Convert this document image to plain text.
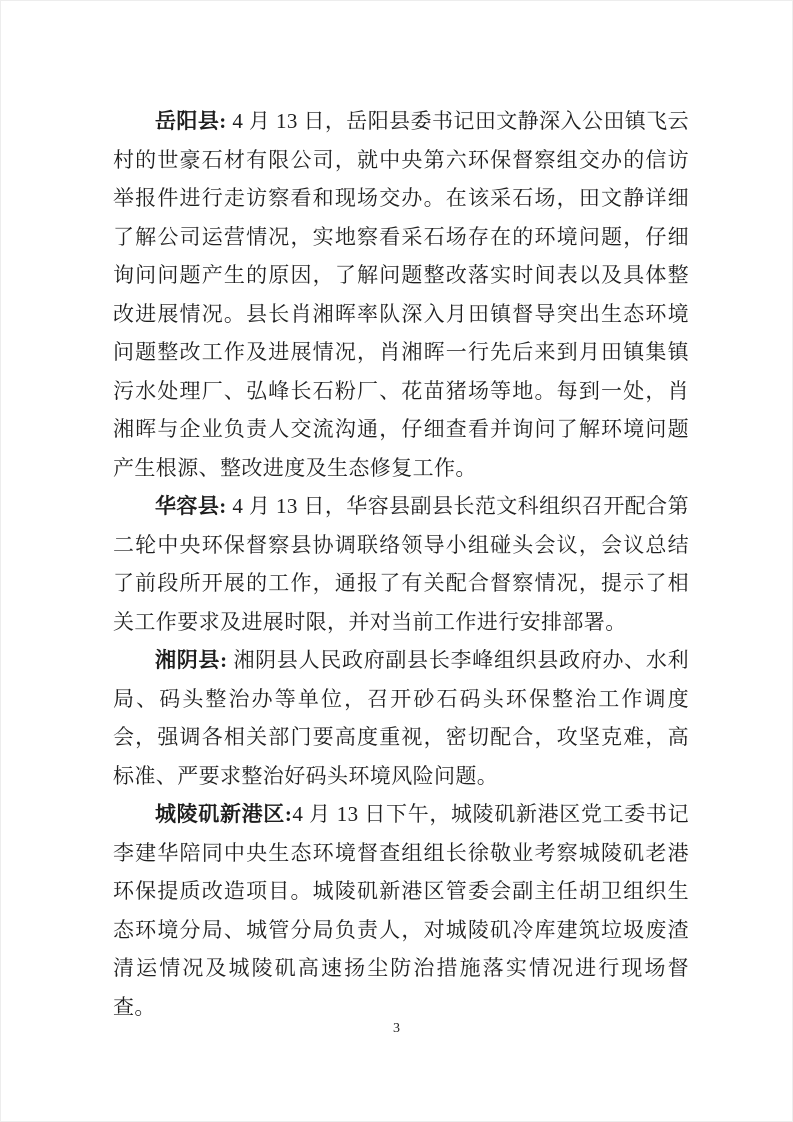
岳阳县: 4 月 13 日，岳阳县委书记田文静深入公田镇飞云村的世豪石材有限公司，就中央第六环保督察组交办的信访举报件进行走访察看和现场交办。在该采石场，田文静详细了解公司运营情况，实地察看采石场存在的环境问题，仔细询问问题产生的原因，了解问题整改落实时间表以及具体整改进展情况。县长肖湘晖率队深入月田镇督导突出生态环境问题整改工作及进展情况，肖湘晖一行先后来到月田镇集镇污水处理厂、弘峰长石粉厂、花苗猪场等地。每到一处，肖湘晖与企业负责人交流沟通，仔细查看并询问了解环境问题产生根源、整改进度及生态修复工作。

华容县: 4 月 13 日，华容县副县长范文科组织召开配合第二轮中央环保督察县协调联络领导小组碰头会议，会议总结了前段所开展的工作，通报了有关配合督察情况，提示了相关工作要求及进展时限，并对当前工作进行安排部署。

湘阴县: 湘阴县人民政府副县长李峰组织县政府办、水利局、码头整治办等单位，召开砂石码头环保整治工作调度会，强调各相关部门要高度重视，密切配合，攻坚克难，高标准、严要求整治好码头环境风险问题。

城陵矶新港区:4 月 13 日下午，城陵矶新港区党工委书记李建华陪同中央生态环境督查组组长徐敬业考察城陵矶老港环保提质改造项目。城陵矶新港区管委会副主任胡卫组织生态环境分局、城管分局负责人，对城陵矶冷库建筑垃圾废渣清运情况及城陵矶高速扬尘防治措施落实情况进行现场督查。

3
